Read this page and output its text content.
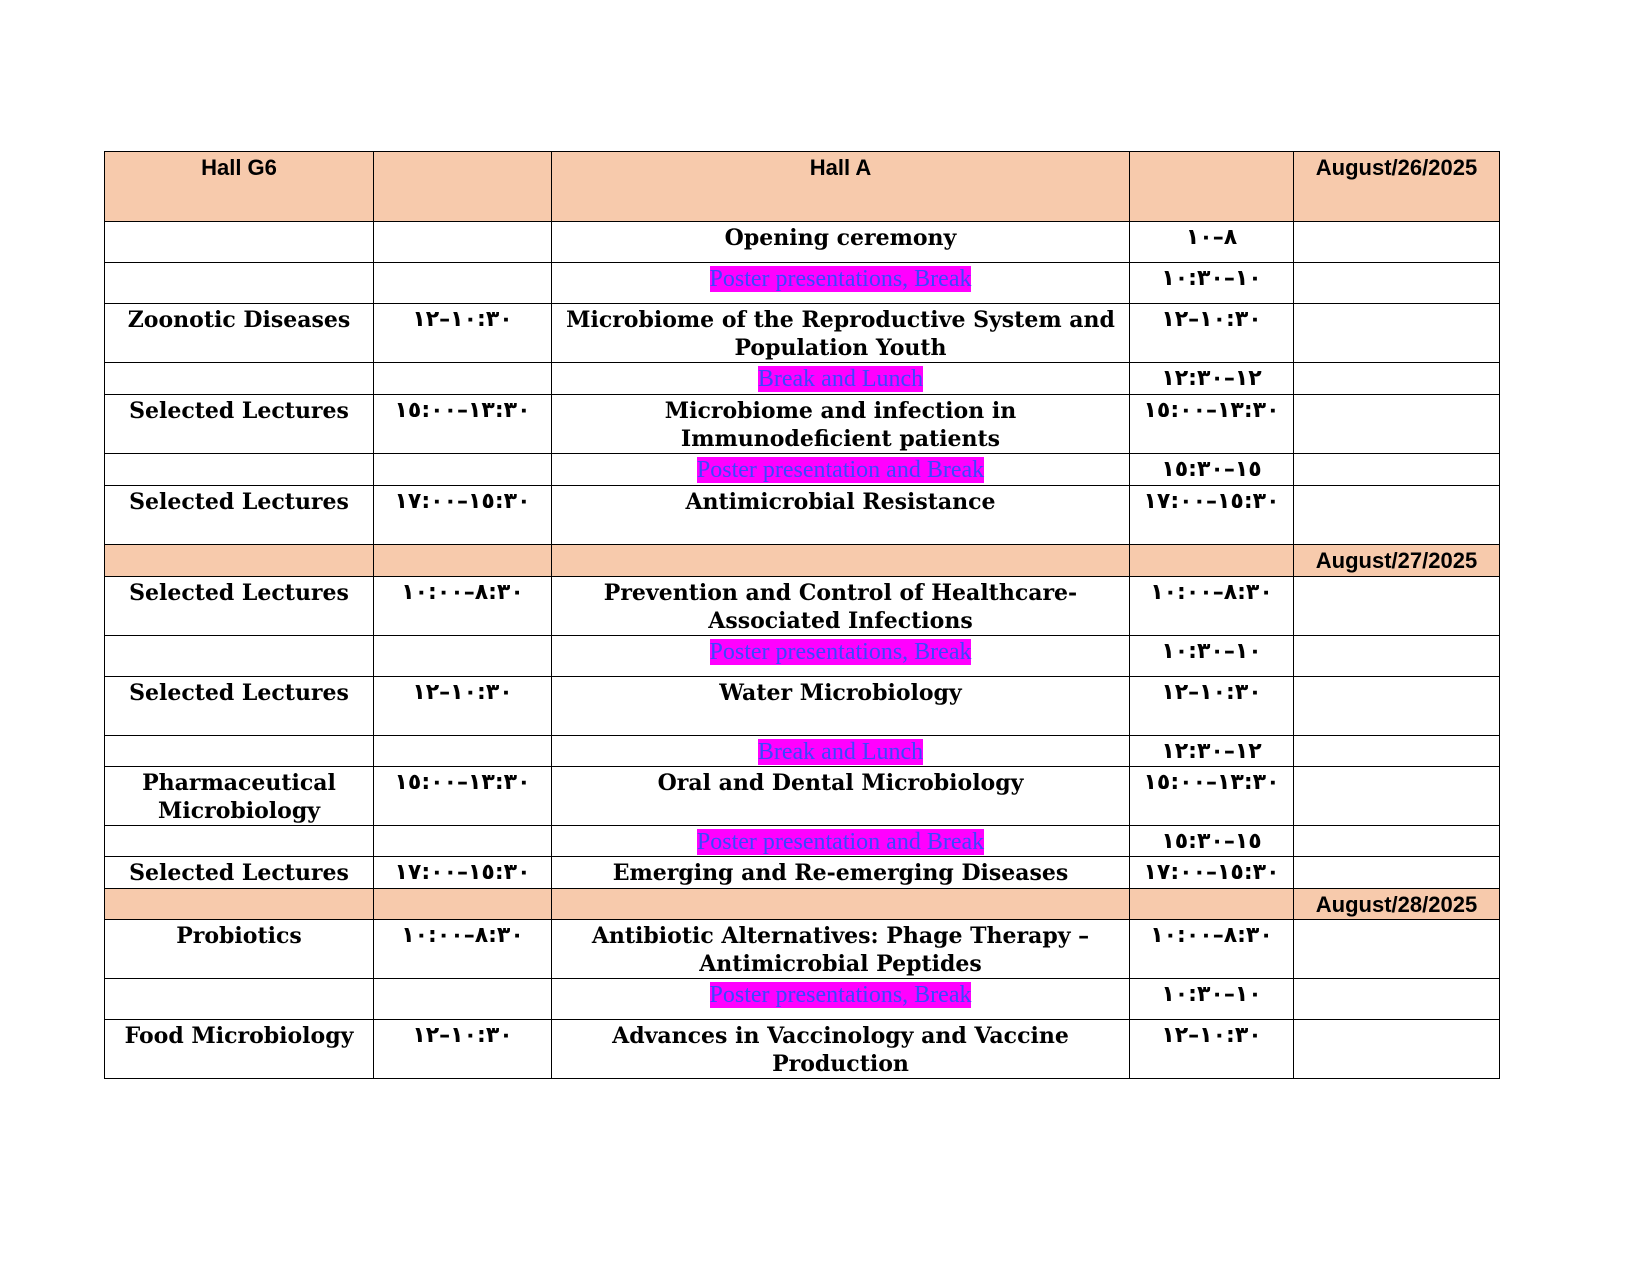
Hall G6		Hall A		August/26/2025
		Opening ceremony	٨–١٠	
		Poster presentations, Break	١٠–١٠:٣٠	
Zoonotic Diseases	١٠:٣٠–١٢	Microbiome of the Reproductive System and Population Youth	١٠:٣٠–١٢	
		Break and Lunch	١٢–١٢:٣٠	
Selected Lectures	١٣:٣٠–١٥:٠٠	Microbiome and infection in Immunodeficient patients	١٣:٣٠–١٥:٠٠	
		Poster presentation and Break	١٥–١٥:٣٠	
Selected Lectures	١٥:٣٠–١٧:٠٠	Antimicrobial Resistance	١٥:٣٠–١٧:٠٠	
				August/27/2025
Selected Lectures	٨:٣٠–١٠:٠٠	Prevention and Control of Healthcare-Associated Infections	٨:٣٠–١٠:٠٠	
		Poster presentations, Break	١٠–١٠:٣٠	
Selected Lectures	١٠:٣٠–١٢	Water Microbiology	١٠:٣٠–١٢	
		Break and Lunch	١٢–١٢:٣٠	
Pharmaceutical Microbiology	١٣:٣٠–١٥:٠٠	Oral and Dental Microbiology	١٣:٣٠–١٥:٠٠	
		Poster presentation and Break	١٥–١٥:٣٠	
Selected Lectures	١٥:٣٠–١٧:٠٠	Emerging and Re-emerging Diseases	١٥:٣٠–١٧:٠٠	
				August/28/2025
Probiotics	٨:٣٠–١٠:٠٠	Antibiotic Alternatives: Phage Therapy – Antimicrobial Peptides	٨:٣٠–١٠:٠٠	
		Poster presentations, Break	١٠–١٠:٣٠	
Food Microbiology	١٠:٣٠–١٢	Advances in Vaccinology and Vaccine Production	١٠:٣٠–١٢	
